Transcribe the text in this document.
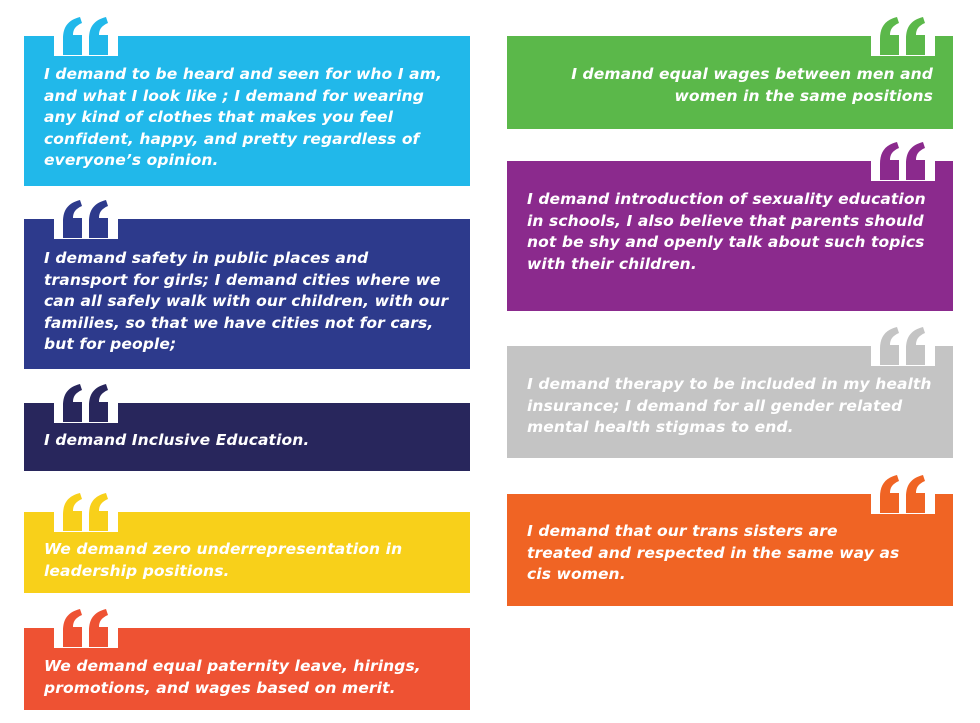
I demand to be heard and seen for who I am, and what I look like ; I demand for wearing any kind of clothes that makes you feel confident, happy, and pretty regardless of everyone’s opinion.

I demand safety in public places and transport for girls; I demand cities where we can all safely walk with our children, with our families, so that we have cities not for cars, but for people;

I demand Inclusive Education.

We demand zero underrepresentation in leadership positions.

We demand equal paternity leave, hirings, promotions, and wages based on merit.

I demand equal wages between men and women in the same positions

I demand introduction of sexuality education in schools, I also believe that parents should not be shy and openly talk about such topics with their children.

I demand therapy to be included in my health insurance; I demand for all gender related mental health stigmas to end.

I demand that our trans sisters are treated and respected in the same way as cis women.
